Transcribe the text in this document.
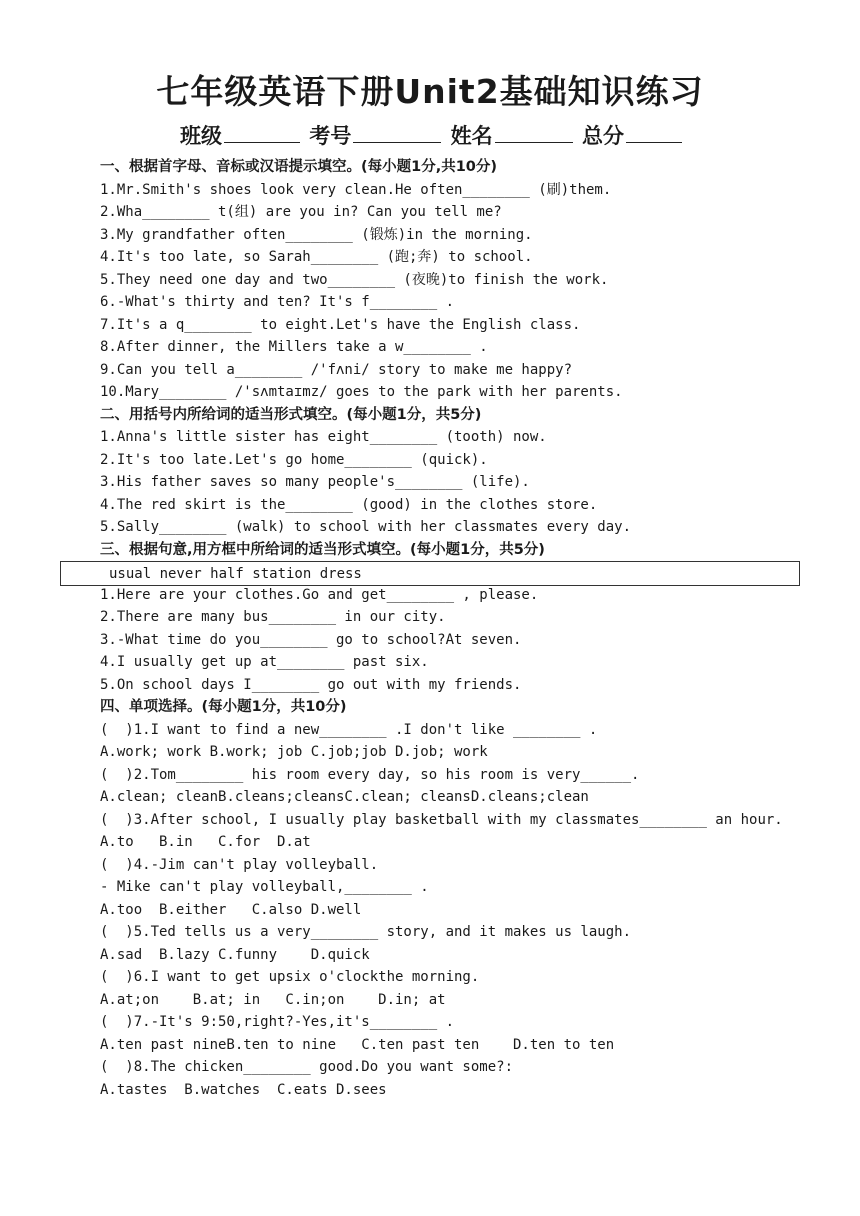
七年级英语下册Unit2基础知识练习
班级	考号	姓名	总分
一、根据首字母、音标或汉语提示填空。(每小题1分,共10分)
1.Mr.Smith's shoes look very clean.He often________ (刷)them.
2.Wha________ t(组) are you in? Can you tell me?
3.My grandfather often________ (锻炼)in the morning.
4.It's too late, so Sarah________ (跑;奔) to school.
5.They need one day and two________ (夜晚)to finish the work.
6.-What's thirty and ten? It's f________ .
7.It's a q________ to eight.Let's have the English class.
8.After dinner, the Millers take a w________ .
9.Can you tell a________ /'fʌni/ story to make me happy?
10.Mary________ /'sʌmtaɪmz/ goes to the park with her parents.
二、用括号内所给词的适当形式填空。(每小题1分，共5分)
1.Anna's little sister has eight________ (tooth) now.
2.It's too late.Let's go home________ (quick).
3.His father saves so many people's________ (life).
4.The red skirt is the________ (good) in the clothes store.
5.Sally________ (walk) to school with her classmates every day.
三、根据句意,用方框中所给词的适当形式填空。(每小题1分，共5分)
1.Here are your clothes.Go and get________ , please.
2.There are many bus________ in our city.
3.-What time do you________ go to school?At seven.
4.I usually get up at________ past six.
5.On school days I________ go out with my friends.
四、单项选择。(每小题1分，共10分)
(  )1.I want to find a new________ .I don't like ________ .
A.work; work B.work; job C.job;job D.job; work
(  )2.Tom________ his room every day, so his room is very______.
A.clean; cleanB.cleans;cleansC.clean; cleansD.cleans;clean
(  )3.After school, I usually play basketball with my classmates________ an hour.
A.to   B.in   C.for  D.at
(  )4.-Jim can't play volleyball.
- Mike can't play volleyball,________ .
A.too  B.either   C.also D.well
(  )5.Ted tells us a very________ story, and it makes us laugh.
A.sad  B.lazy C.funny    D.quick
(  )6.I want to get upsix o'clockthe morning.
A.at;on    B.at; in   C.in;on    D.in; at
(  )7.-It's 9:50,right?-Yes,it's________ .
A.ten past nineB.ten to nine   C.ten past ten    D.ten to ten
(  )8.The chicken________ good.Do you want some?:
A.tastes  B.watches  C.eats D.sees
usual never half station dress
